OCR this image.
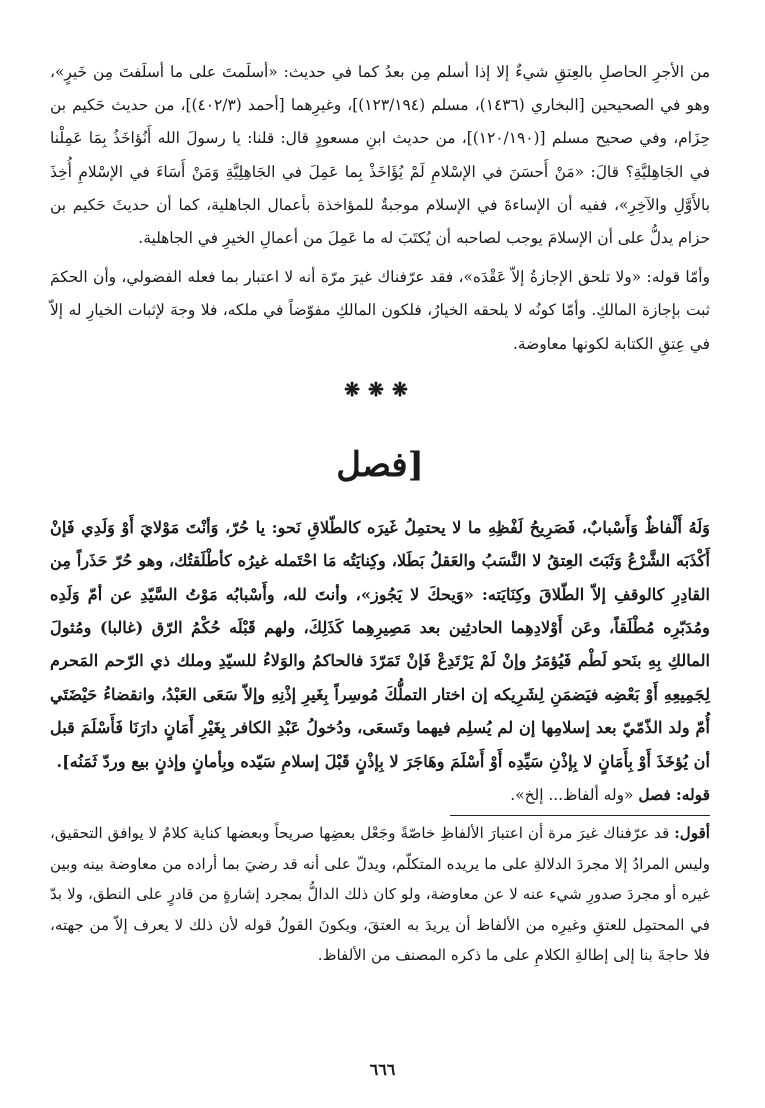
من الأجرِ الحاصلِ بالعِتقِ شيءٌ إلا إذا أسلم مِن بعدُ كما في حديث: «أسلَمتَ على ما أسلَفتَ مِن خَيرٍ»، وهو في الصحيحين [البخاري (١٤٣٦)، مسلم (١٢٣/١٩٤)]، وغيرِهما [أحمد (٤٠٢/٣)]، من حديث حَكيم بن حِزَام، وفي صحيح مسلم [(١٢٠/١٩٠)]، من حديث ابنِ مسعودٍ قال: قلنا: يا رسولَ الله أَنُؤاخَذُ بِمَا عَمِلْنا في الجَاهِليَّةِ؟ قالَ: «مَنْ أَحسَنَ في الإسْلامِ لَمْ يُؤَاخَذْ بِما عَمِلَ في الجَاهِلِيَّةِ وَمَنْ أَسَاءَ في الإسْلامِ أُخِذَ بالأَوَّلِ والآخِرِ»، ففيه أن الإساءةَ في الإسلام موجبةٌ للمؤاخذة بأعمال الجاهلية، كما أن حديثَ حَكيم بن حزام يدلُّ على أن الإسلامَ يوجب لصاحبه أن يُكتَبَ له ما عَمِلَ من أعمالِ الخيرِ في الجاهلية.

وأمّا قوله: «ولا تلحق الإجازةُ إلاّ عَقْدَه»، فقد عرّفناك غيرَ مرّة أنه لا اعتبار بما فعله الفضولي، وأن الحكمَ ثبت بإجازة المالكِ. وأمّا كونُه لا يلحقه الخيارُ، فلكون المالكِ مفوّضاً في ملكه، فلا وجهَ لإثبات الخيارِ له إلاّ في عِتقِ الكتابة لكونها معاوضة.

❋❋❋
[فصل

وَلَهُ أَلْفاظٌ وَأَسْبابٌ، فَصَرِيحُ لَفْظِهِ ما لا يحتمِلُ غَيرَه كالطّلاقِ نَحو: يا حُرّ، وَأنْتَ مَوْلايَ أَوْ وَلَدِي فَإنْ أَكْذَبَه الشَّرْعُ وَثَبَتَ العِتقُ لا النَّسَبُ والعَقلُ بَطَلا، وكِنايَتُه مَا احْتَمله غيرُه كأطْلَقتُك، وهو حُرّ حَذَراً مِن القادِرِ كالوقفِ إلاّ الطّلاقَ وكِنَايَته: «وَيحكَ لا يَجُوز»، وأنتَ لله، وأَسْبابُه مَوْتُ السَّيّدِ عن أمّ وَلَدِه ومُدَبّرِه مُطْلَقاً، وعَن أَوْلادِهِما الحادثِين بعد مَصِيرِهِما كَذَلِكَ، ولهم قَبْلَه حُكْمُ الرّق (غالبا) ومُثولَ المالكِ بِهِ بنَحو لَطْم فَيُؤمَرُ وإنْ لَمْ يَرْتَدِعْ فَإنْ تَمَرّدَ فالحاكمُ والوَلاءُ للسيّدِ وملك ذي الرّحم المَحرم لِجَمِيعِهِ أَوْ بَعْضِه فيَضمَنِ لِشَرِيكه إن اختار التملُّكَ مُوسِراً بِغَيرِ إذْنِهِ وإلاّ سَعَى العَبْدُ، وانقضاءُ حَيْضَتَي أُمّ ولد الذّمّيّ بعد إسلامِها إن لم يُسلِم فيهما وتَسعَى، ودُخولُ عَبْدِ الكافر بِغَيْرِ أَمَانٍ دارَنَا فَأَسْلَمَ قبل أن يُؤخَذَ أَوْ بِأَمَانٍ لا بِإذْنِ سَيِّدِه أَوْ أَسْلَمَ وهَاجَرَ لا بِإذْنٍ قَبْلَ إسلامِ سَيّده وبِأمانٍ وإذنٍ بيع وردّ ثَمَنُه].

قوله: فصل «وله ألفاظ... إلخ».

أقول: قد عرّفناك غيرَ مرة أن اعتبارَ الألفاظِ خاصّةً وجَعْل بعضِها صريحاً وبعضها كناية كلامٌ لا يوافق التحقيق، وليس المرادُ إلا مجردَ الدلالةِ على ما يريده المتكلّم، ويدلّ على أنه قد رضيَ بما أراده من معاوضة بينه وبين غيره أو مجردَ صدورِ شيء عنه لا عن معاوضة، ولو كان ذلك الدالُّ بمجرد إشارةٍ من قادرٍ على النطق، ولا بدّ في المحتمِل للعتقِ وغيرِه من الألفاظ أن يريدَ به العتقَ، ويكونَ القولُ قوله لأن ذلك لا يعرف إلاّ من جهته، فلا حاجةَ بنا إلى إطالةِ الكلامِ على ما ذكره المصنف من الألفاظ.

٦٦٦
